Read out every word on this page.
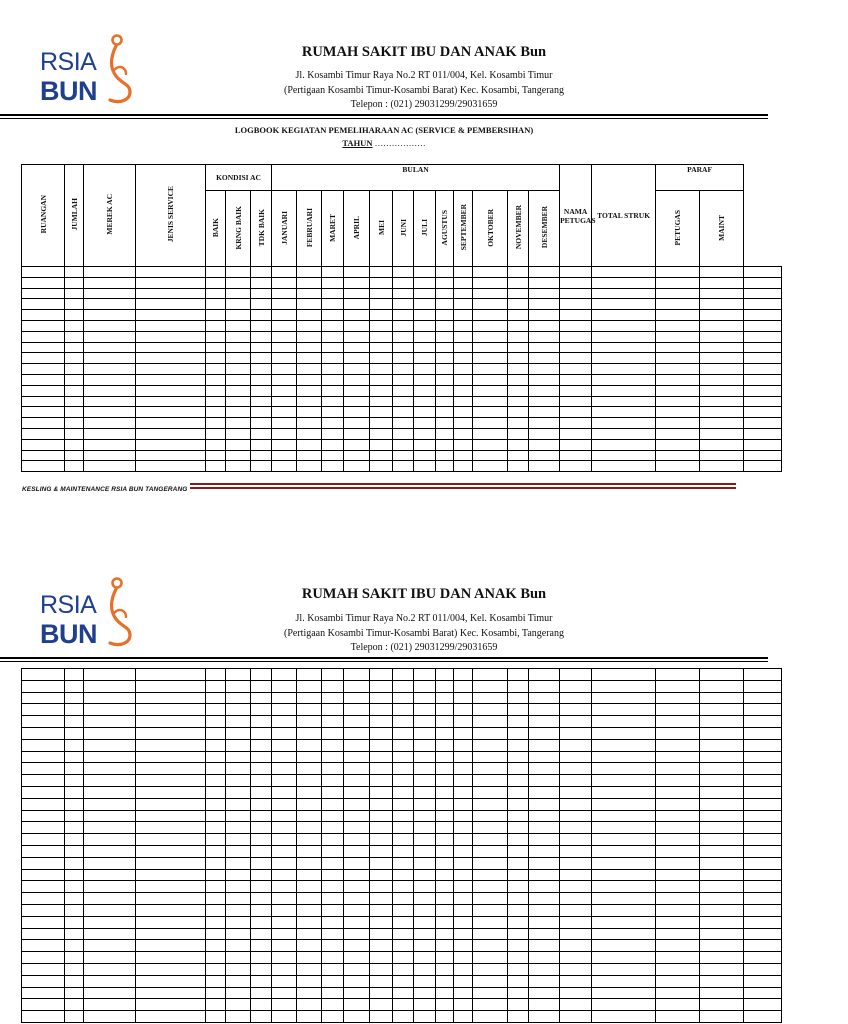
RSIA
BUN
RUMAH SAKIT IBU DAN ANAK Bun
Jl. Kosambi Timur Raya No.2 RT 011/004, Kel. Kosambi Timur
(Pertigaan Kosambi Timur-Kosambi Barat) Kec. Kosambi, Tangerang
Telepon : (021) 29031299/29031659
LOGBOOK KEGIATAN PEMELIHARAAN AC (SERVICE & PEMBERSIHAN)
TAHUN ………………
RUANGAN	JUMLAH	MEREK AC	JENIS SERVICE	KONDISI AC			BULAN												NAMA PETUGAS	TOTAL STRUK	PARAF		
				BAIK	KRNG BAIK	TDK BAIK	JANUARI	FEBRUARI	MARET	APRIL	MEI	JUNI	JULI	AGUSTUS	SEPTEMBER	OKTOBER	NOVEMBER	DESEMBER			PETUGAS	MAINT	

KESLING & MAINTENANCE RSIA BUN TANGERANG
RSIA
BUN
RUMAH SAKIT IBU DAN ANAK Bun
Jl. Kosambi Timur Raya No.2 RT 011/004, Kel. Kosambi Timur
(Pertigaan Kosambi Timur-Kosambi Barat) Kec. Kosambi, Tangerang
Telepon : (021) 29031299/29031659
